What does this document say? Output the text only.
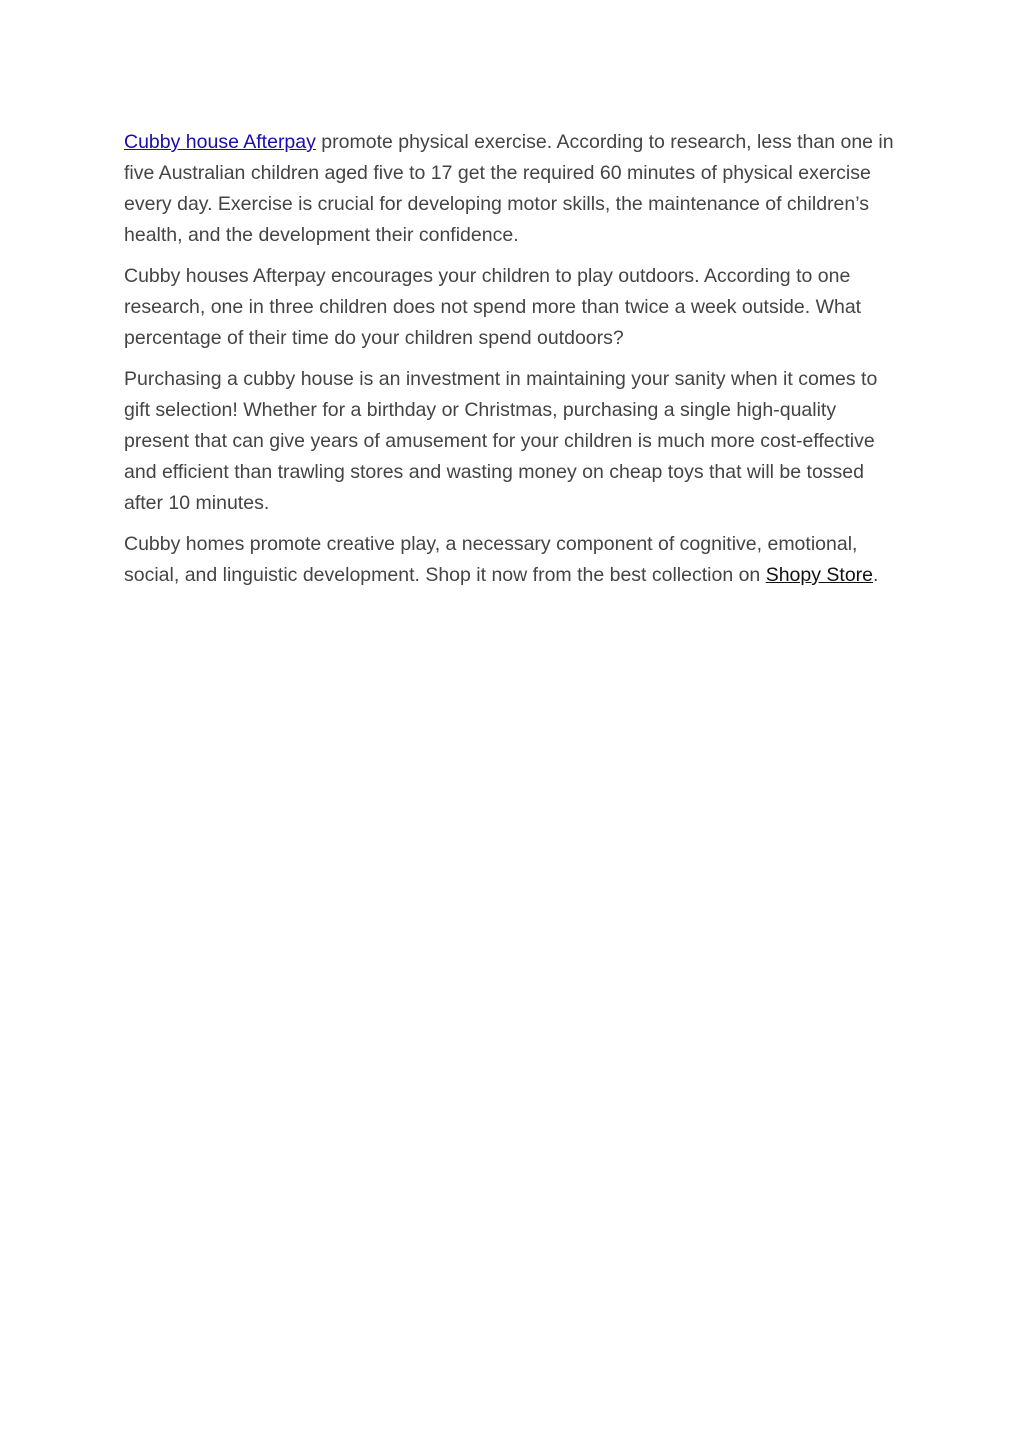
Cubby house Afterpay promote physical exercise. According to research, less than one in five Australian children aged five to 17 get the required 60 minutes of physical exercise every day. Exercise is crucial for developing motor skills, the maintenance of children’s health, and the development their confidence.

Cubby houses Afterpay encourages your children to play outdoors. According to one research, one in three children does not spend more than twice a week outside. What percentage of their time do your children spend outdoors?

Purchasing a cubby house is an investment in maintaining your sanity when it comes to gift selection! Whether for a birthday or Christmas, purchasing a single high-quality present that can give years of amusement for your children is much more cost-effective and efficient than trawling stores and wasting money on cheap toys that will be tossed after 10 minutes.

Cubby homes promote creative play, a necessary component of cognitive, emotional, social, and linguistic development. Shop it now from the best collection on Shopy Store.
